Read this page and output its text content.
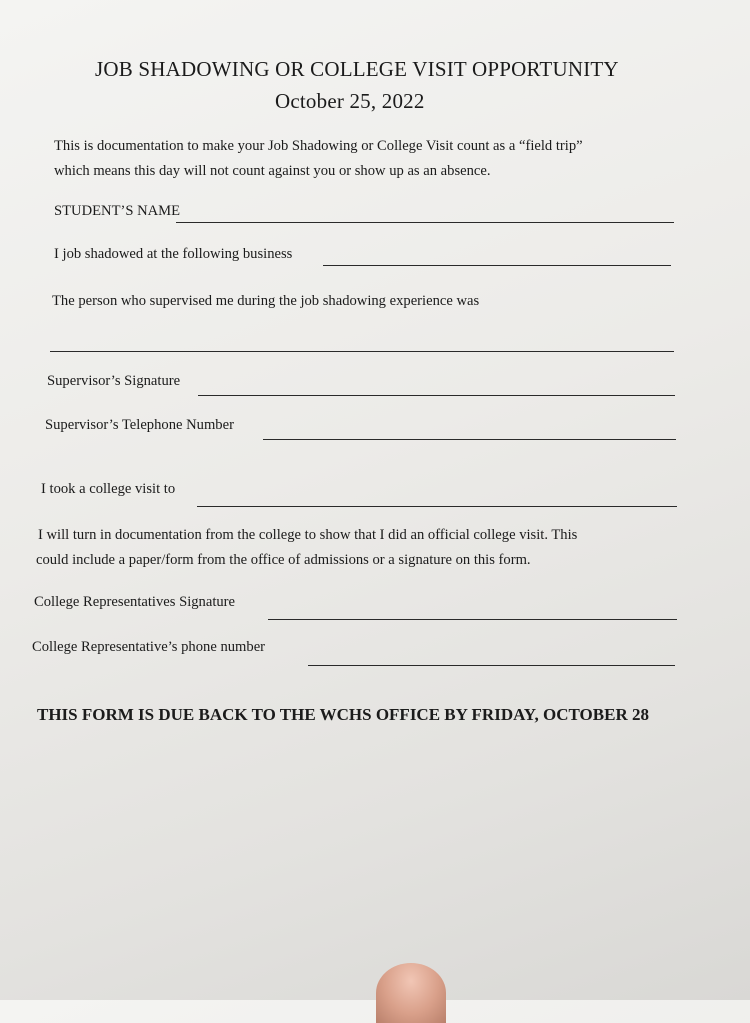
JOB SHADOWING OR COLLEGE VISIT OPPORTUNITY
October 25, 2022
This is documentation to make your Job Shadowing or College Visit count as a “field trip”
which means this day will not count against you or show up as an absence.
STUDENT’S NAME
I job shadowed at the following business
The person who supervised me during the job shadowing experience was
Supervisor’s Signature
Supervisor’s Telephone Number
I took a college visit to
I will turn in documentation from the college to show that I did an official college visit. This
could include a paper/form from the office of admissions or a signature on this form.
College Representatives Signature
College Representative’s phone number
THIS FORM IS DUE BACK TO THE WCHS OFFICE BY FRIDAY, OCTOBER 28
